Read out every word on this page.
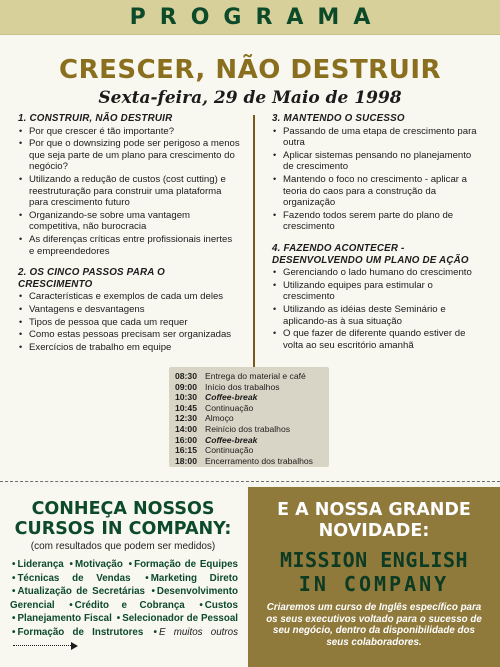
PROGRAMA
CRESCER, NÃO DESTRUIR
Sexta-feira, 29 de Maio de 1998
1. CONSTRUIR, NÃO DESTRUIR
• Por que crescer é tão importante?
• Por que o downsizing pode ser perigoso a menos que seja parte de um plano para crescimento do negócio?
• Utilizando a redução de custos (cost cutting) e reestruturação para construir uma plataforma para crescimento futuro
• Organizando-se sobre uma vantagem competitiva, não burocracia
• As diferenças críticas entre profissionais inertes e empreendedores
2. OS CINCO PASSOS PARA O CRESCIMENTO
• Características e exemplos de cada um deles
• Vantagens e desvantagens
• Tipos de pessoa que cada um requer
• Como estas pessoas precisam ser organizadas
• Exercícios de trabalho em equipe
3. MANTENDO O SUCESSO
• Passando de uma etapa de crescimento para outra
• Aplicar sistemas pensando no planejamento de crescimento
• Mantendo o foco no crescimento - aplicar a teoria do caos para a construção da organização
• Fazendo todos serem parte do plano de crescimento
4. FAZENDO ACONTECER - DESENVOLVENDO UM PLANO DE AÇÃO
• Gerenciando o lado humano do crescimento
• Utilizando equipes para estimular o crescimento
• Utilizando as idéias deste Seminário e aplicando-as à sua situação
• O que fazer de diferente quando estiver de volta ao seu escritório amanhã
08:30 Entrega do material e café
09:00 Início dos trabalhos
10:30 Coffee-break
10:45 Continuação
12:30 Almoço
14:00 Reinício dos trabalhos
16:00 Coffee-break
16:15 Continuação
18:00 Encerramento dos trabalhos
CONHEÇA NOSSOS
CURSOS IN COMPANY:
(com resultados que podem ser medidos)
• Liderança • Motivação • Formação de Equipes • Técnicas de Vendas • Marketing Direto • Atualização de Secretárias • Desenvolvimento Gerencial • Crédito e Cobrança • Custos • Planejamento Fiscal • Selecionador de Pessoal • Formação de Instrutores • E muitos outros
E A NOSSA GRANDE
NOVIDADE:
MISSION ENGLISH
IN COMPANY
Criaremos um curso de Inglês específico para os seus executivos voltado para o sucesso de seu negócio, dentro da disponibilidade dos seus colaboradores.
